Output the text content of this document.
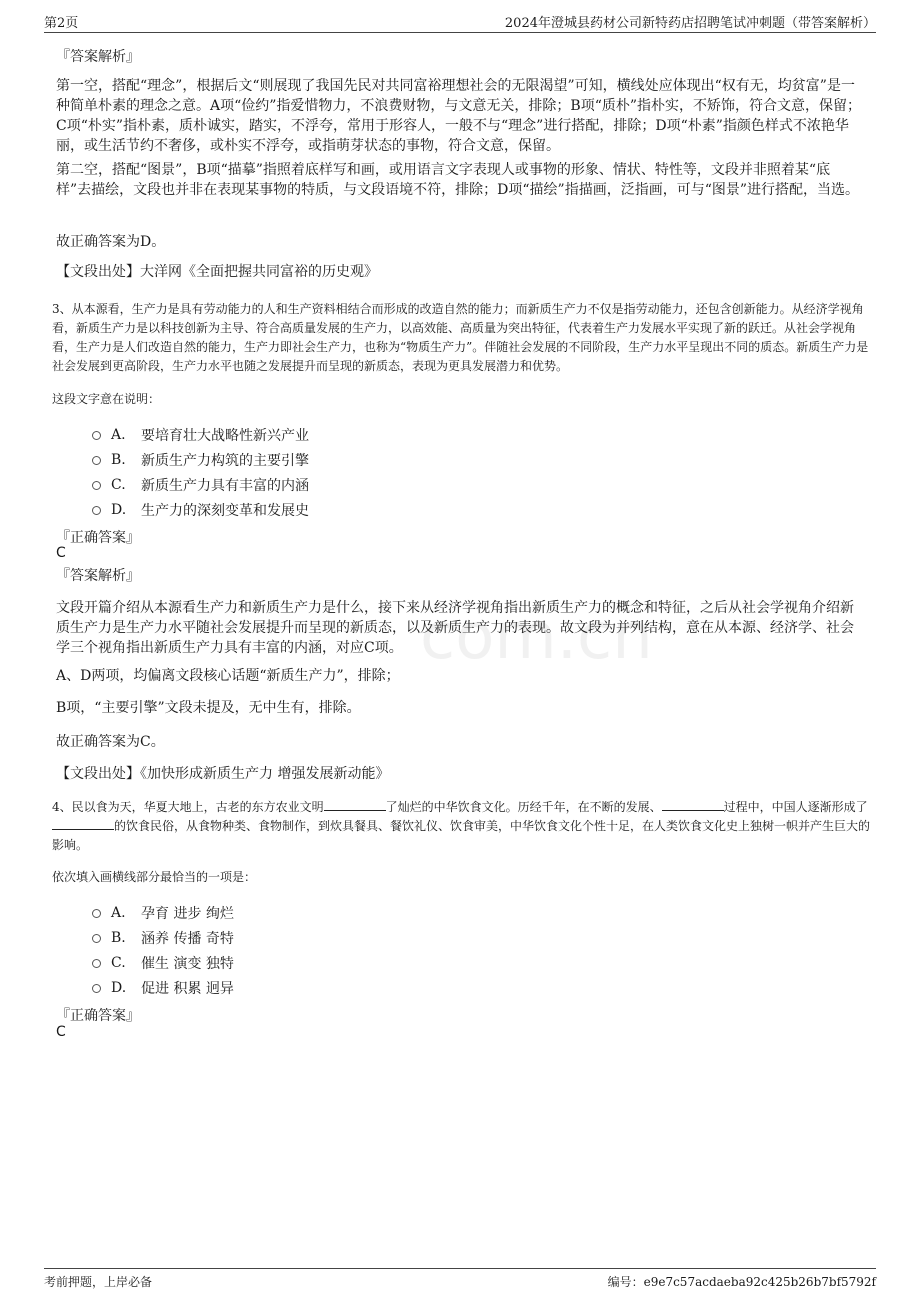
第2页	2024年澄城县药材公司新特药店招聘笔试冲刺题（带答案解析）
com.cn
『答案解析』
第一空，搭配“理念”，根据后文“则展现了我国先民对共同富裕理想社会的无限渴望”可知，横线处应体现出“权有无，均贫富”是一种简单朴素的理念之意。A项“俭约”指爱惜物力，不浪费财物，与文意无关，排除；B项“质朴”指朴实，不矫饰，符合文意，保留；C项“朴实”指朴素，质朴诚实，踏实，不浮夸，常用于形容人，一般不与“理念”进行搭配，排除；D项“朴素”指颜色样式不浓艳华丽，或生活节约不奢侈，或朴实不浮夸，或指萌芽状态的事物，符合文意，保留。
第二空，搭配“图景”，B项“描摹”指照着底样写和画，或用语言文字表现人或事物的形象、情状、特性等，文段并非照着某“底样”去描绘，文段也并非在表现某事物的特质，与文段语境不符，排除；D项“描绘”指描画，泛指画，可与“图景”进行搭配，当选。
故正确答案为D。
【文段出处】大洋网《全面把握共同富裕的历史观》
3、从本源看，生产力是具有劳动能力的人和生产资料相结合而形成的改造自然的能力；而新质生产力不仅是指劳动能力，还包含创新能力。从经济学视角看，新质生产力是以科技创新为主导、符合高质量发展的生产力，以高效能、高质量为突出特征，代表着生产力发展水平实现了新的跃迁。从社会学视角看，生产力是人们改造自然的能力，生产力即社会生产力，也称为“物质生产力”。伴随社会发展的不同阶段，生产力水平呈现出不同的质态。新质生产力是社会发展到更高阶段，生产力水平也随之发展提升而呈现的新质态，表现为更具发展潜力和优势。
这段文字意在说明：
A.	要培育壮大战略性新兴产业
B.	新质生产力构筑的主要引擎
C.	新质生产力具有丰富的内涵
D.	生产力的深刻变革和发展史
『正确答案』
C
『答案解析』
文段开篇介绍从本源看生产力和新质生产力是什么，接下来从经济学视角指出新质生产力的概念和特征，之后从社会学视角介绍新质生产力是生产力水平随社会发展提升而呈现的新质态，以及新质生产力的表现。故文段为并列结构，意在从本源、经济学、社会学三个视角指出新质生产力具有丰富的内涵，对应C项。
A、D两项，均偏离文段核心话题“新质生产力”，排除；
B项，“主要引擎”文段未提及，无中生有，排除。
故正确答案为C。
【文段出处】《加快形成新质生产力 增强发展新动能》
4、民以食为天，华夏大地上，古老的东方农业文明	了灿烂的中华饮食文化。历经千年，在不断的发展、	过程中，中国人逐渐形成了的饮食民俗，从食物种类、食物制作，到炊具餐具、餐饮礼仪、饮食审美，中华饮食文化个性十足，在人类饮食文化史上独树一帜并产生巨大的影响。
依次填入画横线部分最恰当的一项是：
A.	孕育 进步 绚烂
B.	涵养 传播 奇特
C.	催生 演变 独特
D.	促进 积累 迥异
『正确答案』
C
考前押题，上岸必备	编号：e9e7c57acdaeba92c425b26b7bf5792f
